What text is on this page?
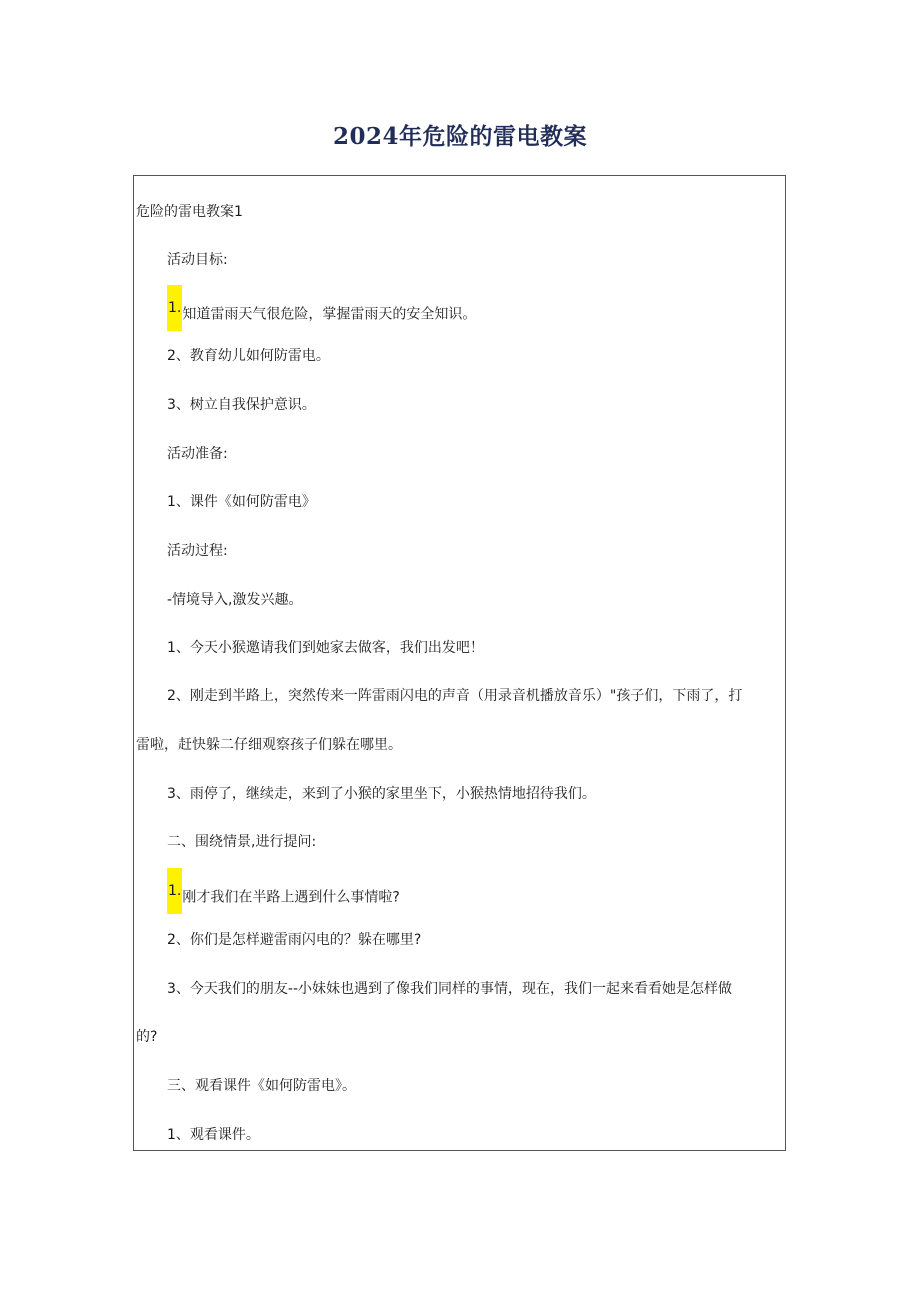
2024年危险的雷电教案
危险的雷电教案1
活动目标:
1.知道雷雨天气很危险，掌握雷雨天的安全知识。
2、教育幼儿如何防雷电。
3、树立自我保护意识。
活动准备:
1、课件《如何防雷电》
活动过程:
-情境导入,激发兴趣。
1、今天小猴邀请我们到她家去做客，我们出发吧！
2、刚走到半路上，突然传来一阵雷雨闪电的声音（用录音机播放音乐）"孩子们，下雨了，打
雷啦，赶快躲二仔细观察孩子们躲在哪里。
3、雨停了，继续走，来到了小猴的家里坐下，小猴热情地招待我们。
二、围绕情景,进行提问:
1.刚才我们在半路上遇到什么事情啦?
2、你们是怎样避雷雨闪电的？躲在哪里?
3、今天我们的朋友--小妹妹也遇到了像我们同样的事情，现在，我们一起来看看她是怎样做
的?
三、观看课件《如何防雷电》。
1、观看课件。
